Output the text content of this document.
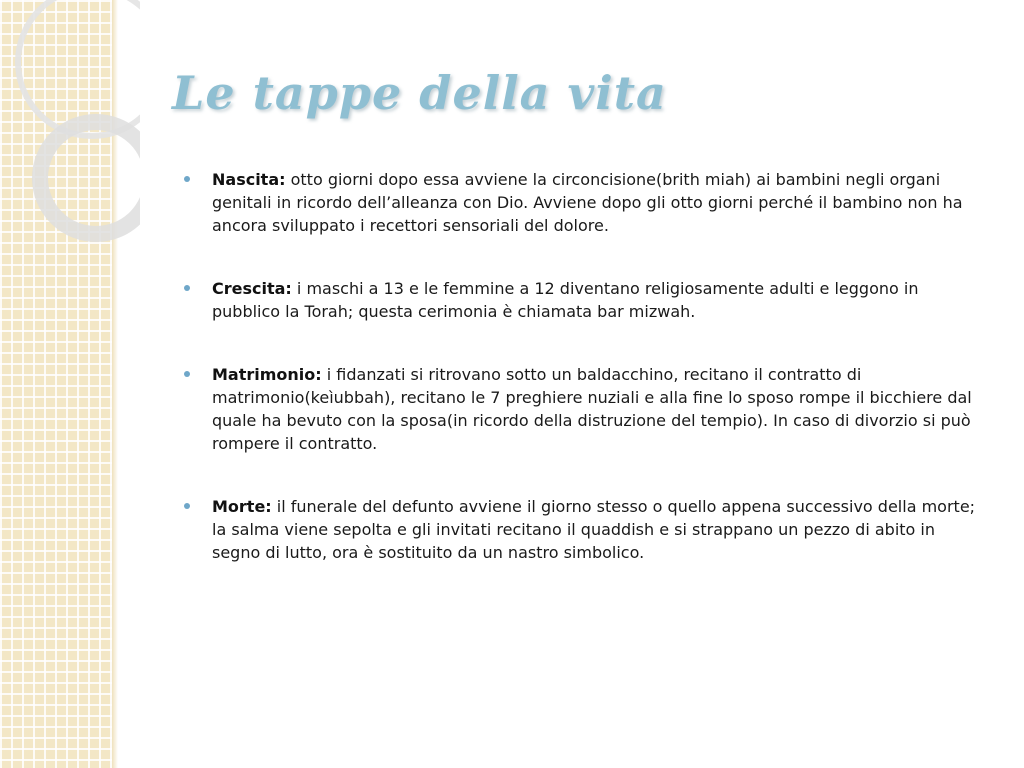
Le tappe della vita
Nascita: otto giorni dopo essa avviene la circoncisione(brith miah) ai bambini negli organi genitali in ricordo dell’alleanza con Dio. Avviene dopo gli otto giorni perché il bambino non ha ancora sviluppato i recettori sensoriali del dolore.
Crescita: i maschi a 13 e le femmine a 12 diventano religiosamente adulti e leggono in pubblico la Torah; questa cerimonia è chiamata bar mizwah.
Matrimonio: i fidanzati si ritrovano sotto un baldacchino, recitano il contratto di matrimonio(keìubbah), recitano le 7 preghiere nuziali e alla fine lo sposo rompe il bicchiere dal quale ha bevuto con la sposa(in ricordo della distruzione del tempio). In caso di divorzio si può rompere il contratto.
Morte: il funerale del defunto avviene il giorno stesso o quello appena successivo della morte; la salma viene sepolta e gli invitati recitano il quaddish e si strappano un pezzo di abito in segno di lutto, ora è sostituito da un nastro simbolico.
